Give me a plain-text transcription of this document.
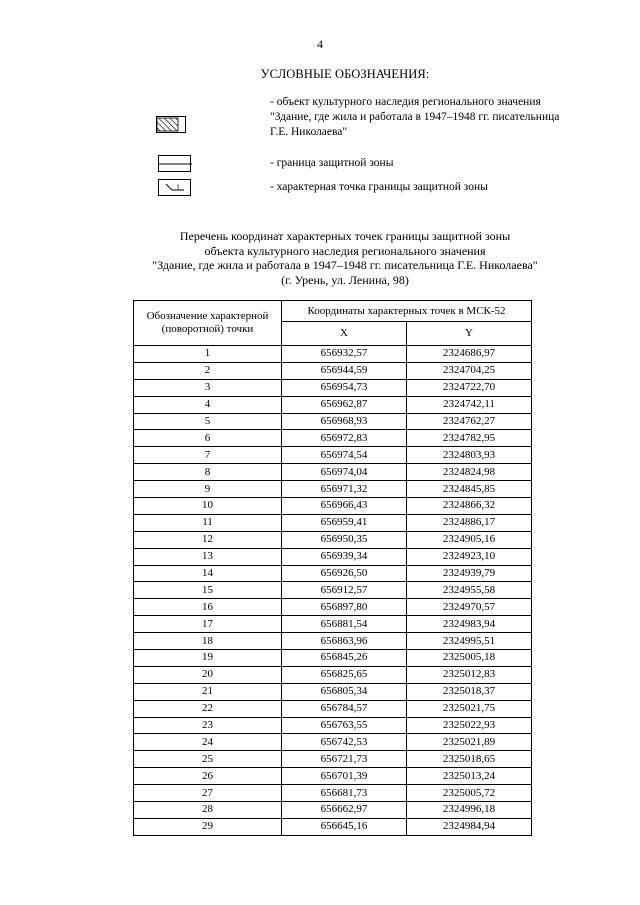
4
УСЛОВНЫЕ ОБОЗНАЧЕНИЯ:
- объект культурного наследия регионального значения "Здание, где жила и работала в 1947–1948 гг. писательница Г.Е. Николаева"
- граница защитной зоны
1	- характерная точка границы защитной зоны
Перечень координат характерных точек границы защитной зоны
объекта культурного наследия регионального значения
"Здание, где жила и работала в 1947–1948 гг. писательница Г.Е. Николаева"
(г. Урень, ул. Ленина, 98)
Обозначение характерной (поворотной) точки	Координаты характерных точек в МСК-52	
	X	Y
1	656932,57	2324686,97
2	656944,59	2324704,25
3	656954,73	2324722,70
4	656962,87	2324742,11
5	656968,93	2324762,27
6	656972,83	2324782,95
7	656974,54	2324803,93
8	656974,04	2324824,98
9	656971,32	2324845,85
10	656966,43	2324866,32
11	656959,41	2324886,17
12	656950,35	2324905,16
13	656939,34	2324923,10
14	656926,50	2324939,79
15	656912,57	2324955,58
16	656897,80	2324970,57
17	656881,54	2324983,94
18	656863,96	2324995,51
19	656845,26	2325005,18
20	656825,65	2325012,83
21	656805,34	2325018,37
22	656784,57	2325021,75
23	656763,55	2325022,93
24	656742,53	2325021,89
25	656721,73	2325018,65
26	656701,39	2325013,24
27	656681,73	2325005,72
28	656662,97	2324996,18
29	656645,16	2324984,94
